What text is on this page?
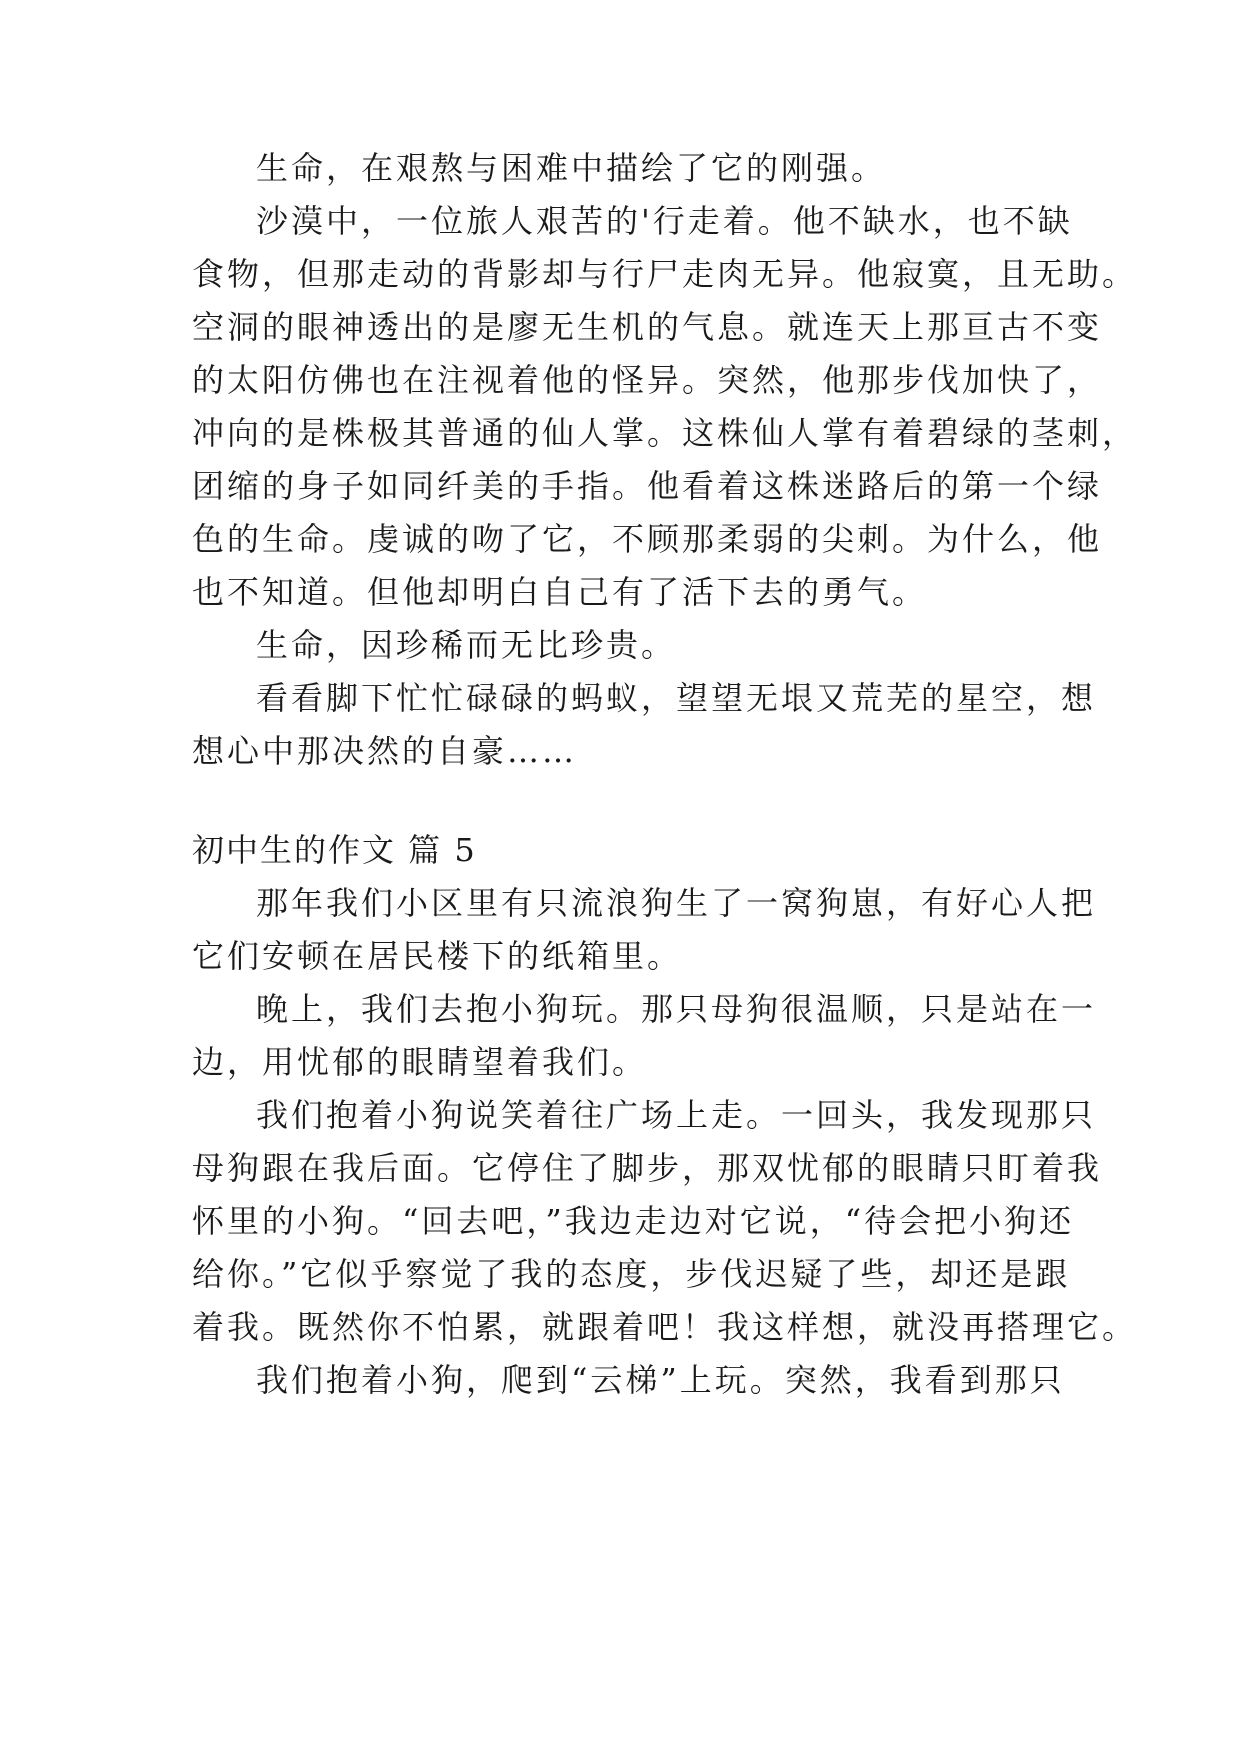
生命，在艰熬与困难中描绘了它的刚强。
沙漠中，一位旅人艰苦的'行走着。他不缺水，也不缺
食物，但那走动的背影却与行尸走肉无异。他寂寞，且无助。
空洞的眼神透出的是廖无生机的气息。就连天上那亘古不变
的太阳仿佛也在注视着他的怪异。突然，他那步伐加快了，
冲向的是株极其普通的仙人掌。这株仙人掌有着碧绿的茎刺，
团缩的身子如同纤美的手指。他看着这株迷路后的第一个绿
色的生命。虔诚的吻了它，不顾那柔弱的尖刺。为什么，他
也不知道。但他却明白自己有了活下去的勇气。
生命，因珍稀而无比珍贵。
看看脚下忙忙碌碌的蚂蚁，望望无垠又荒芜的星空，想
想心中那决然的自豪……
初中生的作文 篇 5
那年我们小区里有只流浪狗生了一窝狗崽，有好心人把
它们安顿在居民楼下的纸箱里。
晚上，我们去抱小狗玩。那只母狗很温顺，只是站在一
边，用忧郁的眼睛望着我们。
我们抱着小狗说笑着往广场上走。一回头，我发现那只
母狗跟在我后面。它停住了脚步，那双忧郁的眼睛只盯着我
怀里的小狗。“回去吧，”我边走边对它说，“待会把小狗还
给你。”它似乎察觉了我的态度，步伐迟疑了些，却还是跟
着我。既然你不怕累，就跟着吧！我这样想，就没再搭理它。
我们抱着小狗，爬到“云梯”上玩。突然，我看到那只
